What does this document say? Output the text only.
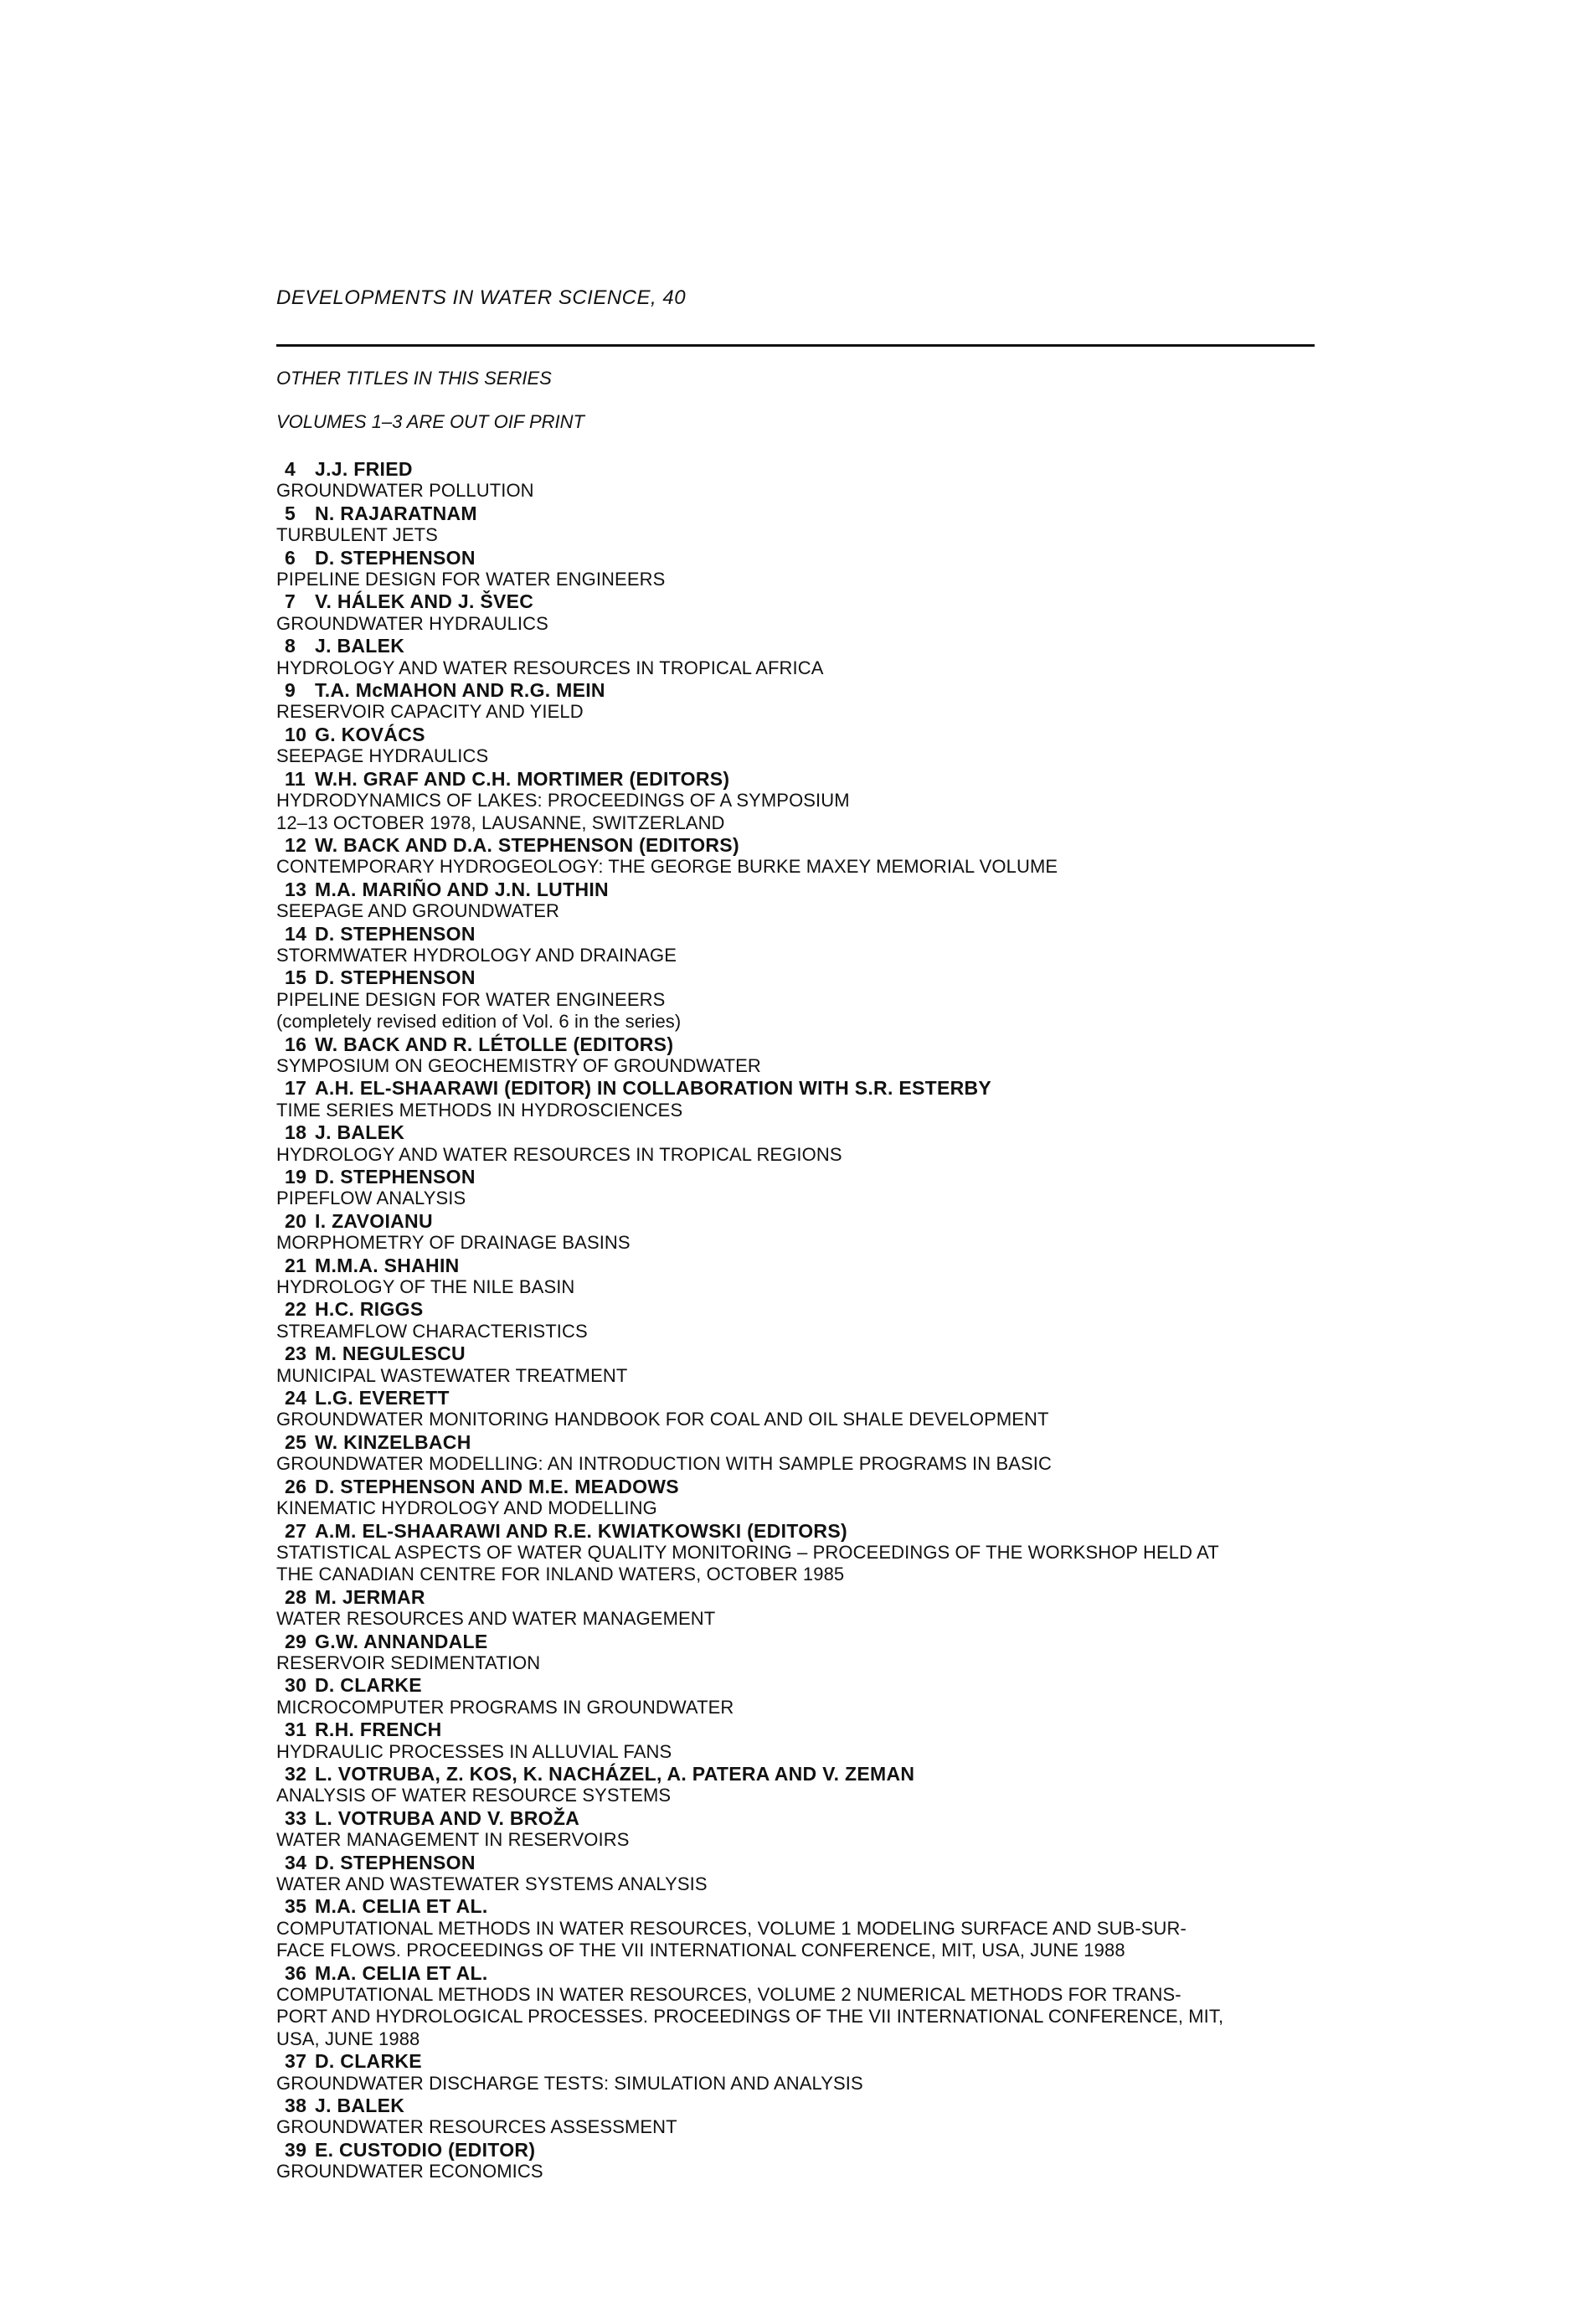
DEVELOPMENTS IN WATER SCIENCE, 40
OTHER TITLES IN THIS SERIES
VOLUMES 1–3 ARE OUT OIF PRINT
4 J.J. FRIED
GROUNDWATER POLLUTION
5 N. RAJARATNAM
TURBULENT JETS
6 D. STEPHENSON
PIPELINE DESIGN FOR WATER ENGINEERS
7 V. HÁLEK AND J. ŠVEC
GROUNDWATER HYDRAULICS
8 J. BALEK
HYDROLOGY AND WATER RESOURCES IN TROPICAL AFRICA
9 T.A. McMAHON AND R.G. MEIN
RESERVOIR CAPACITY AND YIELD
10 G. KOVÁCS
SEEPAGE HYDRAULICS
11 W.H. GRAF AND C.H. MORTIMER (EDITORS)
HYDRODYNAMICS OF LAKES: PROCEEDINGS OF A SYMPOSIUM
12–13 OCTOBER 1978, LAUSANNE, SWITZERLAND
12 W. BACK AND D.A. STEPHENSON (EDITORS)
CONTEMPORARY HYDROGEOLOGY: THE GEORGE BURKE MAXEY MEMORIAL VOLUME
13 M.A. MARIÑO AND J.N. LUTHIN
SEEPAGE AND GROUNDWATER
14 D. STEPHENSON
STORMWATER HYDROLOGY AND DRAINAGE
15 D. STEPHENSON
PIPELINE DESIGN FOR WATER ENGINEERS
(completely revised edition of Vol. 6 in the series)
16 W. BACK AND R. LÉTOLLE (EDITORS)
SYMPOSIUM ON GEOCHEMISTRY OF GROUNDWATER
17 A.H. EL-SHAARAWI (EDITOR) IN COLLABORATION WITH S.R. ESTERBY
TIME SERIES METHODS IN HYDROSCIENCES
18 J. BALEK
HYDROLOGY AND WATER RESOURCES IN TROPICAL REGIONS
19 D. STEPHENSON
PIPEFLOW ANALYSIS
20 I. ZAVOIANU
MORPHOMETRY OF DRAINAGE BASINS
21 M.M.A. SHAHIN
HYDROLOGY OF THE NILE BASIN
22 H.C. RIGGS
STREAMFLOW CHARACTERISTICS
23 M. NEGULESCU
MUNICIPAL WASTEWATER TREATMENT
24 L.G. EVERETT
GROUNDWATER MONITORING HANDBOOK FOR COAL AND OIL SHALE DEVELOPMENT
25 W. KINZELBACH
GROUNDWATER MODELLING: AN INTRODUCTION WITH SAMPLE PROGRAMS IN BASIC
26 D. STEPHENSON AND M.E. MEADOWS
KINEMATIC HYDROLOGY AND MODELLING
27 A.M. EL-SHAARAWI AND R.E. KWIATKOWSKI (EDITORS)
STATISTICAL ASPECTS OF WATER QUALITY MONITORING – PROCEEDINGS OF THE WORKSHOP HELD AT
THE CANADIAN CENTRE FOR INLAND WATERS, OCTOBER 1985
28 M. JERMAR
WATER RESOURCES AND WATER MANAGEMENT
29 G.W. ANNANDALE
RESERVOIR SEDIMENTATION
30 D. CLARKE
MICROCOMPUTER PROGRAMS IN GROUNDWATER
31 R.H. FRENCH
HYDRAULIC PROCESSES IN ALLUVIAL FANS
32 L. VOTRUBA, Z. KOS, K. NACHÁZEL, A. PATERA AND V. ZEMAN
ANALYSIS OF WATER RESOURCE SYSTEMS
33 L. VOTRUBA AND V. BROŽA
WATER MANAGEMENT IN RESERVOIRS
34 D. STEPHENSON
WATER AND WASTEWATER SYSTEMS ANALYSIS
35 M.A. CELIA ET AL.
COMPUTATIONAL METHODS IN WATER RESOURCES, VOLUME 1 MODELING SURFACE AND SUB-SUR-
FACE FLOWS. PROCEEDINGS OF THE VII INTERNATIONAL CONFERENCE, MIT, USA, JUNE 1988
36 M.A. CELIA ET AL.
COMPUTATIONAL METHODS IN WATER RESOURCES, VOLUME 2 NUMERICAL METHODS FOR TRANS-
PORT AND HYDROLOGICAL PROCESSES. PROCEEDINGS OF THE VII INTERNATIONAL CONFERENCE, MIT,
USA, JUNE 1988
37 D. CLARKE
GROUNDWATER DISCHARGE TESTS: SIMULATION AND ANALYSIS
38 J. BALEK
GROUNDWATER RESOURCES ASSESSMENT
39 E. CUSTODIO (EDITOR)
GROUNDWATER ECONOMICS
